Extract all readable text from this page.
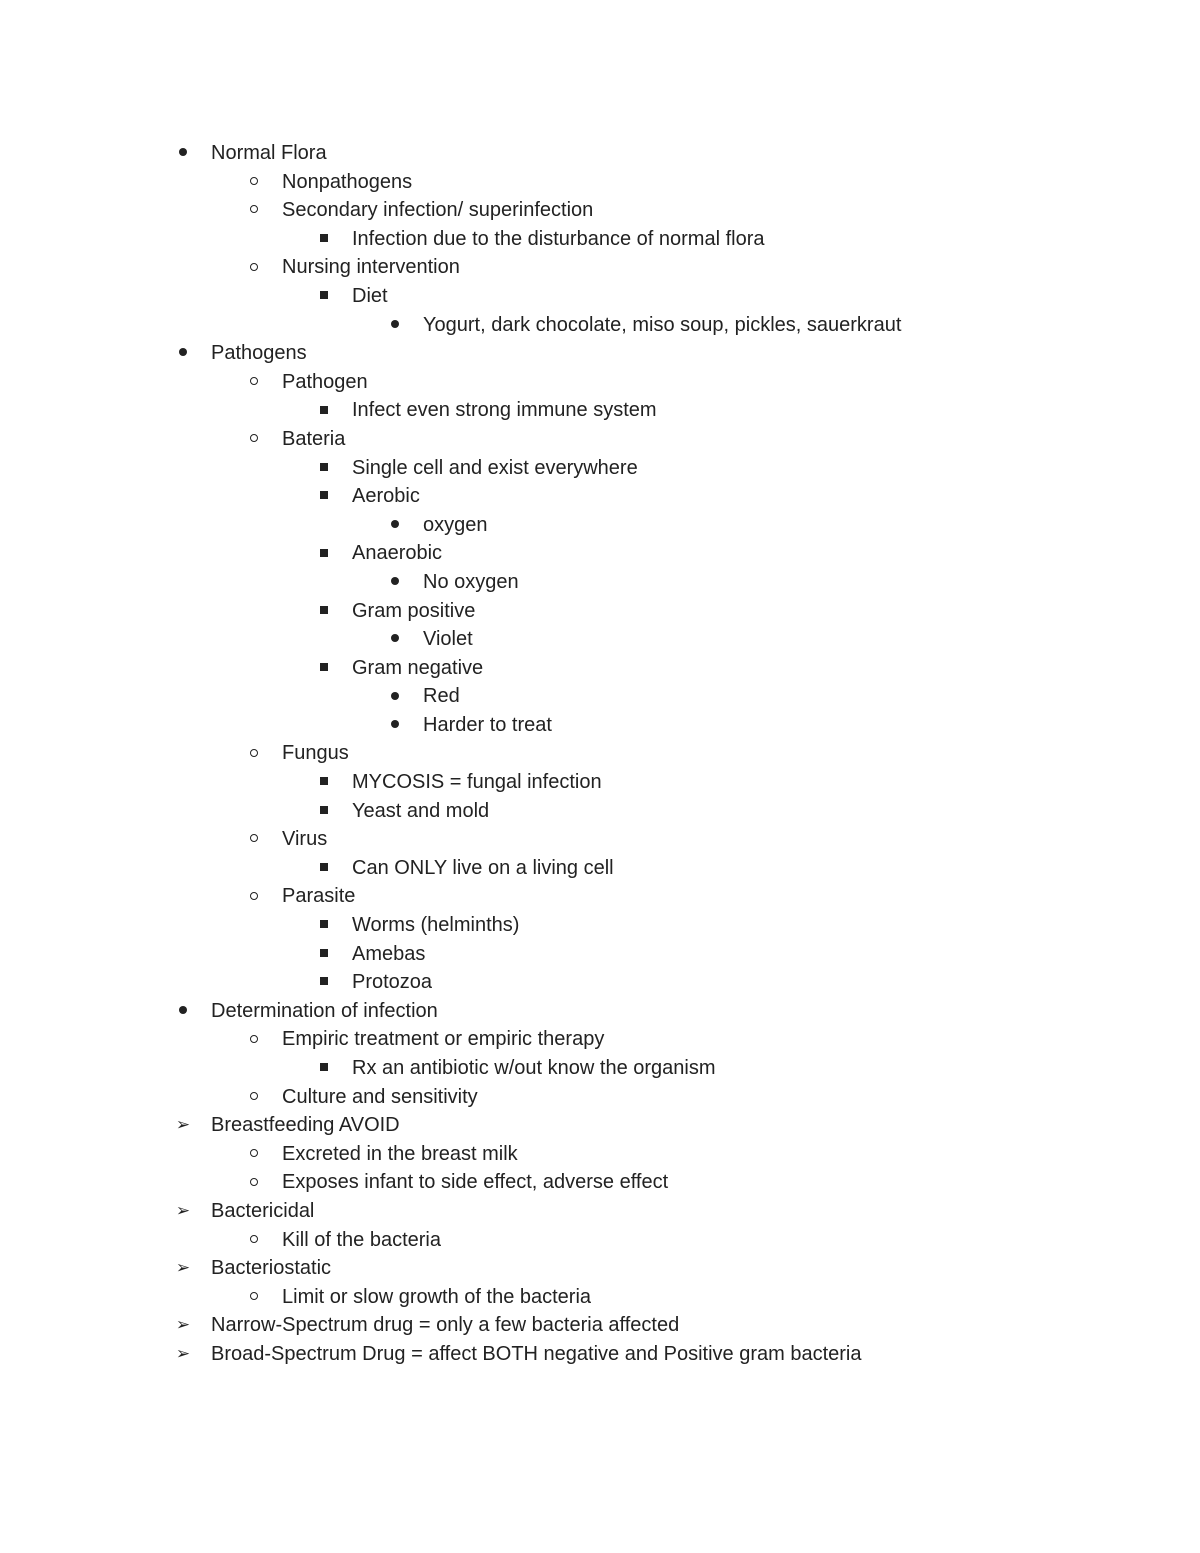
Normal Flora
Nonpathogens
Secondary infection/ superinfection
Infection due to the disturbance of normal flora
Nursing intervention
Diet
Yogurt, dark chocolate, miso soup, pickles, sauerkraut
Pathogens
Pathogen
Infect even strong immune system
Bateria
Single cell and exist everywhere
Aerobic
oxygen
Anaerobic
No oxygen
Gram positive
Violet
Gram negative
Red
Harder to treat
Fungus
MYCOSIS = fungal infection
Yeast and mold
Virus
Can ONLY live on a living cell
Parasite
Worms (helminths)
Amebas
Protozoa
Determination of infection
Empiric treatment or empiric therapy
Rx an antibiotic w/out know the organism
Culture and sensitivity
➢ Breastfeeding AVOID
Excreted in the breast milk
Exposes infant to side effect, adverse effect
➢ Bactericidal
Kill of the bacteria
➢ Bacteriostatic
Limit or slow growth of the bacteria
➢ Narrow-Spectrum drug = only a few bacteria affected
➢ Broad-Spectrum Drug = affect BOTH negative and Positive gram bacteria
